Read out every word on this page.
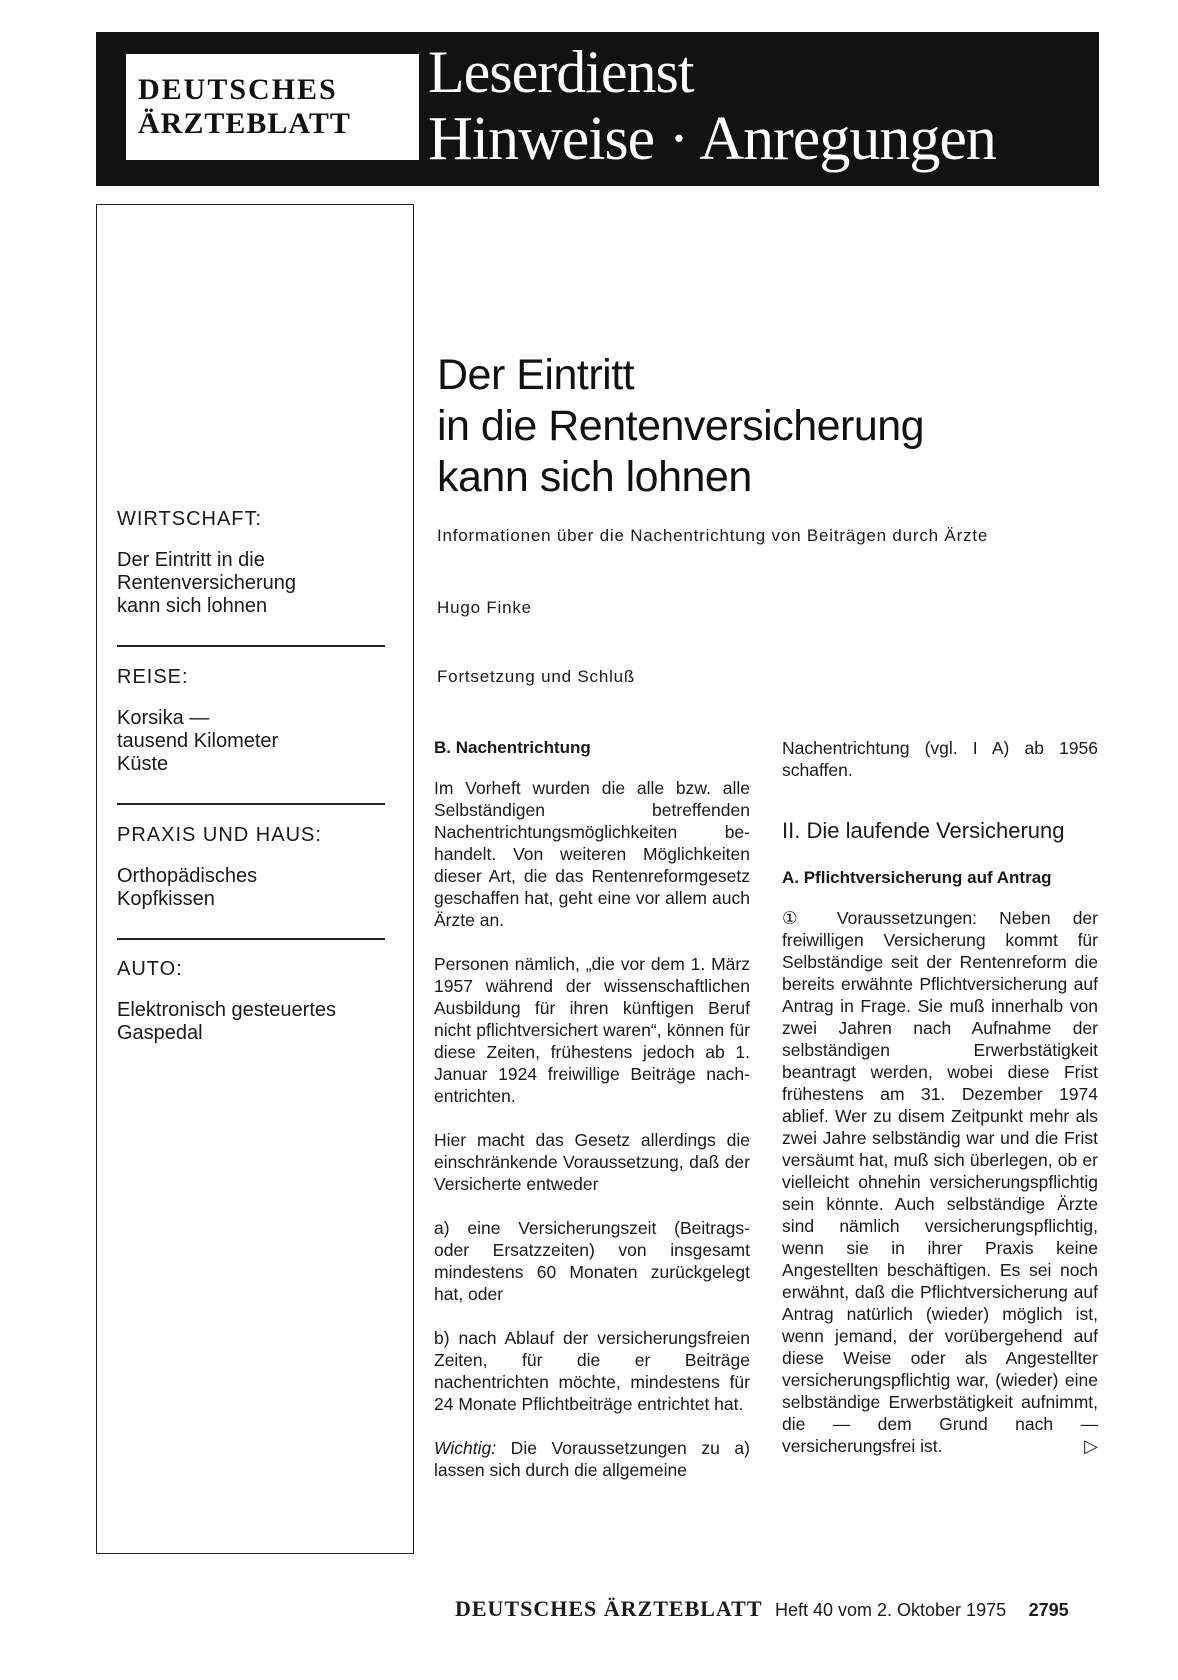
DEUTSCHES
ÄRZTEBLATT
Leserdienst
Hinweise · Anregungen
WIRTSCHAFT:
Der Eintritt in die
Rentenversicherung
kann sich lohnen
REISE:
Korsika —
tausend Kilometer
Küste
PRAXIS UND HAUS:
Orthopädisches
Kopfkissen
AUTO:
Elektronisch gesteuertes
Gaspedal
Der Eintritt
in die Rentenversicherung
kann sich lohnen
Informationen über die Nachentrichtung von Beiträgen durch Ärzte
Hugo Finke
Fortsetzung und Schluß
B. Nachentrichtung

Im Vorheft wurden die alle bzw. alle Selbständigen betreffenden Nachentrichtungsmöglichkeiten behandelt. Von weiteren Möglichkeiten dieser Art, die das Rentenreformgesetz geschaffen hat, geht eine vor allem auch Ärzte an.

Personen nämlich, „die vor dem 1. März 1957 während der wissenschaftlichen Ausbildung für ihren künftigen Beruf nicht pflichtversichert waren“, können für diese Zeiten, frühestens jedoch ab 1. Januar 1924 freiwillige Beiträge nachentrichten.

Hier macht das Gesetz allerdings die einschränkende Voraussetzung, daß der Versicherte entweder

a) eine Versicherungszeit (Beitrags- oder Ersatzzeiten) von insgesamt mindestens 60 Monaten zurückgelegt hat, oder

b) nach Ablauf der versicherungsfreien Zeiten, für die er Beiträge nachentrichten möchte, mindestens für 24 Monate Pflichtbeiträge entrichtet hat.

Wichtig: Die Voraussetzungen zu a) lassen sich durch die allgemeine

Nachentrichtung (vgl. I A) ab 1956 schaffen.

II. Die laufende Versicherung
A. Pflichtversicherung auf Antrag

① Voraussetzungen: Neben der freiwilligen Versicherung kommt für Selbständige seit der Rentenreform die bereits erwähnte Pflichtversicherung auf Antrag in Frage. Sie muß innerhalb von zwei Jahren nach Aufnahme der selbständigen Erwerbstätigkeit beantragt werden, wobei diese Frist frühestens am 31. Dezember 1974 ablief. Wer zu disem Zeitpunkt mehr als zwei Jahre selbständig war und die Frist versäumt hat, muß sich überlegen, ob er vielleicht ohnehin versicherungspflichtig sein könnte. Auch selbständige Ärzte sind nämlich versicherungspflichtig, wenn sie in ihrer Praxis keine Angestellten beschäftigen. Es sei noch erwähnt, daß die Pflichtversicherung auf Antrag natürlich (wieder) möglich ist, wenn jemand, der vorübergehend auf diese Weise oder als Angestellter versicherungspflichtig war, (wieder) eine selbständige Erwerbstätigkeit aufnimmt, die — dem Grund nach — versicherungsfrei ist.	▷

DEUTSCHES ÄRZTEBLATT Heft 40 vom 2. Oktober 1975 2795
